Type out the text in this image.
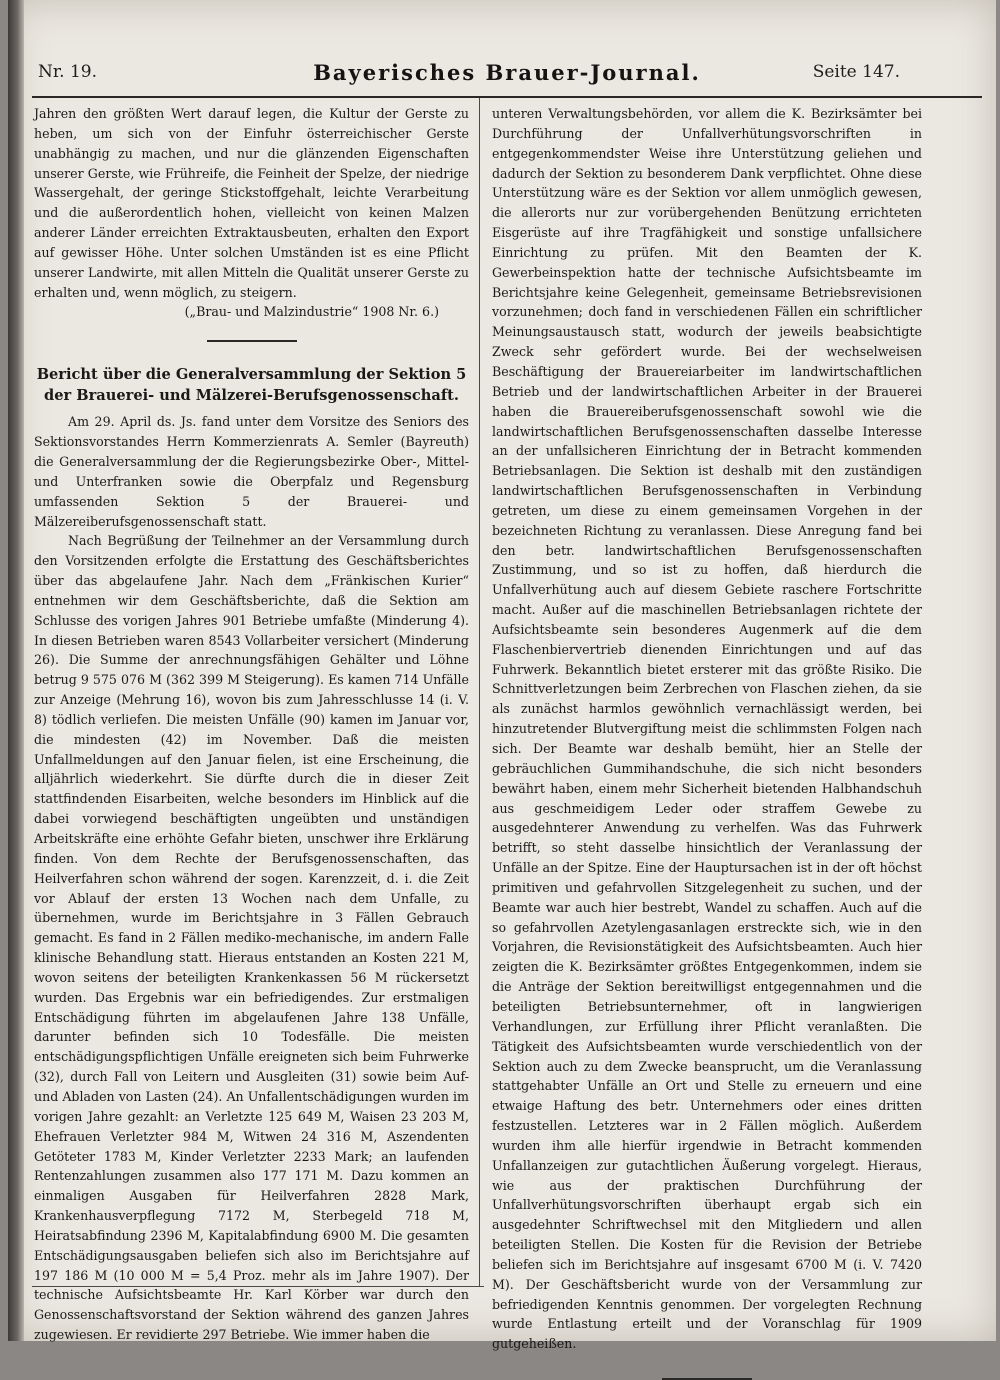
Nr. 19.	Bayerisches Brauer-Journal.	Seite 147.

Jahren den größten Wert darauf legen, die Kultur der Gerste zu heben, um sich von der Einfuhr österreichischer Gerste unabhängig zu machen, und nur die glänzenden Eigenschaften unserer Gerste, wie Frühreife, die Feinheit der Spelze, der niedrige Wassergehalt, der geringe Stickstoffgehalt, leichte Verarbeitung und die außerordentlich hohen, vielleicht von keinen Malzen anderer Länder erreichten Extraktausbeuten, erhalten den Export auf gewisser Höhe. Unter solchen Umständen ist es eine Pflicht unserer Landwirte, mit allen Mitteln die Qualität unserer Gerste zu erhalten und, wenn möglich, zu steigern.

(„Brau- und Malzindustrie“ 1908 Nr. 6.)

Bericht über die Generalversammlung der Sektion 5 der Brauerei- und Mälzerei-Berufsgenossenschaft.

Am 29. April ds. Js. fand unter dem Vorsitze des Seniors des Sektionsvorstandes Herrn Kommerzienrats A. Semler (Bayreuth) die Generalversammlung der die Regierungsbezirke Ober-, Mittel- und Unterfranken sowie die Oberpfalz und Regensburg umfassenden Sektion 5 der Brauerei- und Mälzereiberufsgenossenschaft statt.

Nach Begrüßung der Teilnehmer an der Versammlung durch den Vorsitzenden erfolgte die Erstattung des Geschäftsberichtes über das abgelaufene Jahr. Nach dem „Fränkischen Kurier“ entnehmen wir dem Geschäftsberichte, daß die Sektion am Schlusse des vorigen Jahres 901 Betriebe umfaßte (Minderung 4). In diesen Betrieben waren 8543 Vollarbeiter versichert (Minderung 26). Die Summe der anrechnungsfähigen Gehälter und Löhne betrug 9 575 076 M (362 399 M Steigerung). Es kamen 714 Unfälle zur Anzeige (Mehrung 16), wovon bis zum Jahresschlusse 14 (i. V. 8) tödlich verliefen. Die meisten Unfälle (90) kamen im Januar vor, die mindesten (42) im November. Daß die meisten Unfallmeldungen auf den Januar fielen, ist eine Erscheinung, die alljährlich wiederkehrt. Sie dürfte durch die in dieser Zeit stattfindenden Eisarbeiten, welche besonders im Hinblick auf die dabei vorwiegend beschäftigten ungeübten und unständigen Arbeitskräfte eine erhöhte Gefahr bieten, unschwer ihre Erklärung finden. Von dem Rechte der Berufsgenossenschaften, das Heilverfahren schon während der sogen. Karenzzeit, d. i. die Zeit vor Ablauf der ersten 13 Wochen nach dem Unfalle, zu übernehmen, wurde im Berichtsjahre in 3 Fällen Gebrauch gemacht. Es fand in 2 Fällen mediko-mechanische, im andern Falle klinische Behandlung statt. Hieraus entstanden an Kosten 221 M, wovon seitens der beteiligten Krankenkassen 56 M rückersetzt wurden. Das Ergebnis war ein befriedigendes. Zur erstmaligen Entschädigung führten im abgelaufenen Jahre 138 Unfälle, darunter befinden sich 10 Todesfälle. Die meisten entschädigungspflichtigen Unfälle ereigneten sich beim Fuhrwerke (32), durch Fall von Leitern und Ausgleiten (31) sowie beim Auf- und Abladen von Lasten (24). An Unfallentschädigungen wurden im vorigen Jahre gezahlt: an Verletzte 125 649 M, Waisen 23 203 M, Ehefrauen Verletzter 984 M, Witwen 24 316 M, Aszendenten Getöteter 1783 M, Kinder Verletzter 2233 Mark; an laufenden Rentenzahlungen zusammen also 177 171 M. Dazu kommen an einmaligen Ausgaben für Heilverfahren 2828 Mark, Krankenhausverpflegung 7172 M, Sterbegeld 718 M, Heiratsabfindung 2396 M, Kapitalabfindung 6900 M. Die gesamten Entschädigungsausgaben beliefen sich also im Berichtsjahre auf 197 186 M (10 000 M = 5,4 Proz. mehr als im Jahre 1907). Der technische Aufsichtsbeamte Hr. Karl Körber war durch den Genossenschaftsvorstand der Sektion während des ganzen Jahres zugewiesen. Er revidierte 297 Betriebe. Wie immer haben die

unteren Verwaltungsbehörden, vor allem die K. Bezirksämter bei Durchführung der Unfallverhütungsvorschriften in entgegenkommendster Weise ihre Unterstützung geliehen und dadurch der Sektion zu besonderem Dank verpflichtet. Ohne diese Unterstützung wäre es der Sektion vor allem unmöglich gewesen, die allerorts nur zur vorübergehenden Benützung errichteten Eisgerüste auf ihre Tragfähigkeit und sonstige unfallsichere Einrichtung zu prüfen. Mit den Beamten der K. Gewerbeinspektion hatte der technische Aufsichtsbeamte im Berichtsjahre keine Gelegenheit, gemeinsame Betriebsrevisionen vorzunehmen; doch fand in verschiedenen Fällen ein schriftlicher Meinungsaustausch statt, wodurch der jeweils beabsichtigte Zweck sehr gefördert wurde. Bei der wechselweisen Beschäftigung der Brauereiarbeiter im landwirtschaftlichen Betrieb und der landwirtschaftlichen Arbeiter in der Brauerei haben die Brauereiberufsgenossenschaft sowohl wie die landwirtschaftlichen Berufsgenossenschaften dasselbe Interesse an der unfallsicheren Einrichtung der in Betracht kommenden Betriebsanlagen. Die Sektion ist deshalb mit den zuständigen landwirtschaftlichen Berufsgenossenschaften in Verbindung getreten, um diese zu einem gemeinsamen Vorgehen in der bezeichneten Richtung zu veranlassen. Diese Anregung fand bei den betr. landwirtschaftlichen Berufsgenossenschaften Zustimmung, und so ist zu hoffen, daß hierdurch die Unfallverhütung auch auf diesem Gebiete raschere Fortschritte macht. Außer auf die maschinellen Betriebsanlagen richtete der Aufsichtsbeamte sein besonderes Augenmerk auf die dem Flaschenbiervertrieb dienenden Einrichtungen und auf das Fuhrwerk. Bekanntlich bietet ersterer mit das größte Risiko. Die Schnittverletzungen beim Zerbrechen von Flaschen ziehen, da sie als zunächst harmlos gewöhnlich vernachlässigt werden, bei hinzutretender Blutvergiftung meist die schlimmsten Folgen nach sich. Der Beamte war deshalb bemüht, hier an Stelle der gebräuchlichen Gummihandschuhe, die sich nicht besonders bewährt haben, einem mehr Sicherheit bietenden Halbhandschuh aus geschmeidigem Leder oder straffem Gewebe zu ausgedehnterer Anwendung zu verhelfen. Was das Fuhrwerk betrifft, so steht dasselbe hinsichtlich der Veranlassung der Unfälle an der Spitze. Eine der Hauptursachen ist in der oft höchst primitiven und gefahrvollen Sitzgelegenheit zu suchen, und der Beamte war auch hier bestrebt, Wandel zu schaffen. Auch auf die so gefahrvollen Azetylengasanlagen erstreckte sich, wie in den Vorjahren, die Revisionstätigkeit des Aufsichtsbeamten. Auch hier zeigten die K. Bezirksämter größtes Entgegenkommen, indem sie die Anträge der Sektion bereitwilligst entgegennahmen und die beteiligten Betriebsunternehmer, oft in langwierigen Verhandlungen, zur Erfüllung ihrer Pflicht veranlaßten. Die Tätigkeit des Aufsichtsbeamten wurde verschiedentlich von der Sektion auch zu dem Zwecke beansprucht, um die Veranlassung stattgehabter Unfälle an Ort und Stelle zu erneuern und eine etwaige Haftung des betr. Unternehmers oder eines dritten festzustellen. Letzteres war in 2 Fällen möglich. Außerdem wurden ihm alle hierfür irgendwie in Betracht kommenden Unfallanzeigen zur gutachtlichen Äußerung vorgelegt. Hieraus, wie aus der praktischen Durchführung der Unfallverhütungsvorschriften überhaupt ergab sich ein ausgedehnter Schriftwechsel mit den Mitgliedern und allen beteiligten Stellen. Die Kosten für die Revision der Betriebe beliefen sich im Berichtsjahre auf insgesamt 6700 M (i. V. 7420 M). Der Geschäftsbericht wurde von der Versammlung zur befriedigenden Kenntnis genommen. Der vorgelegten Rechnung wurde Entlastung erteilt und der Voranschlag für 1909 gutgeheißen.
